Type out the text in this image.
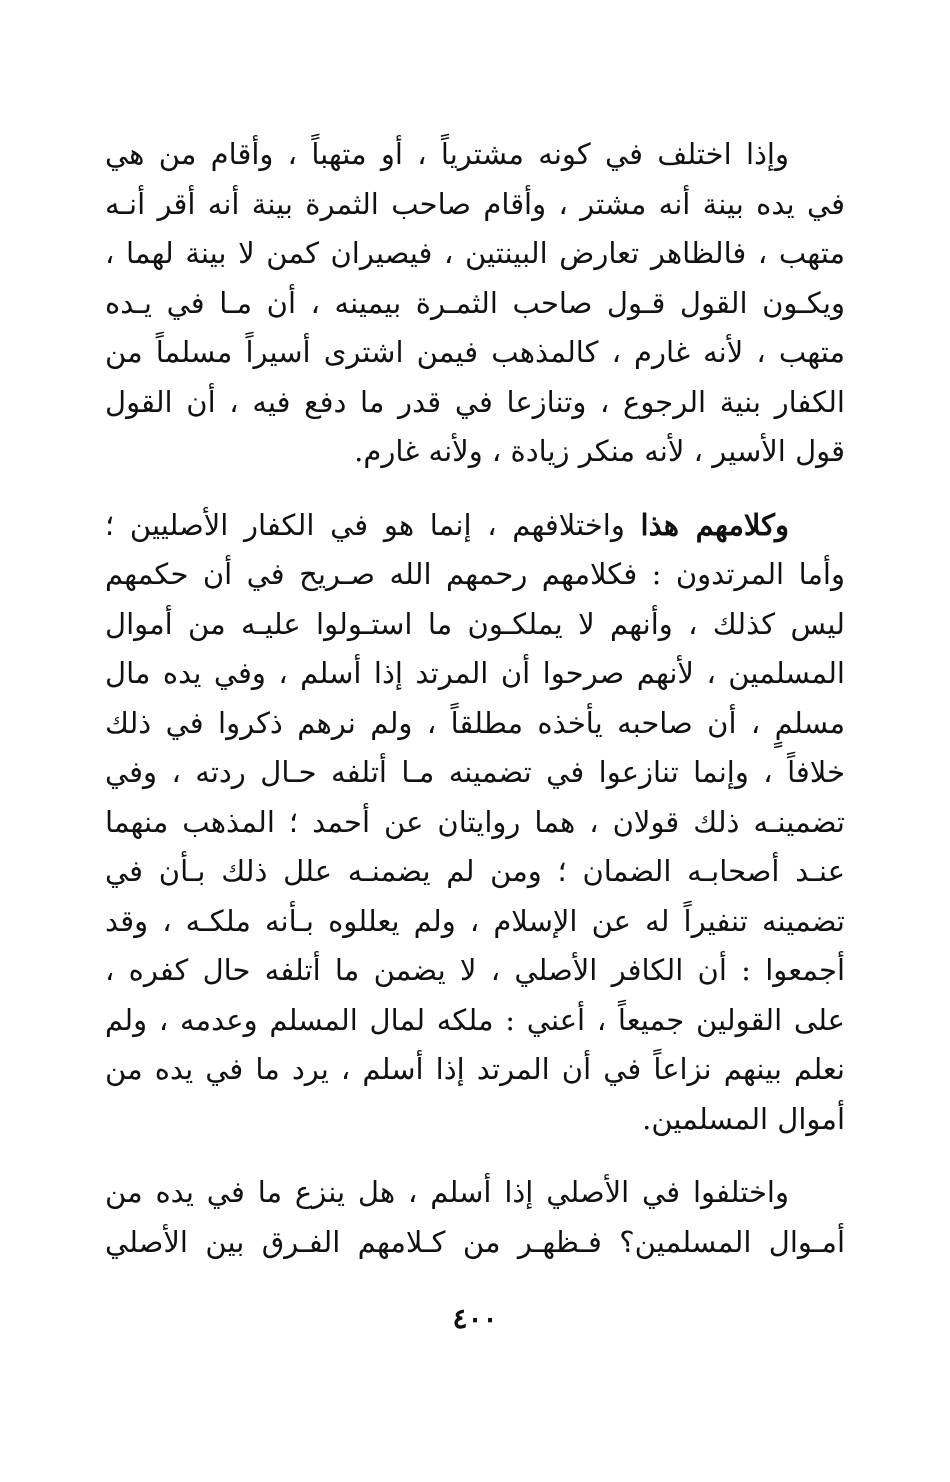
وإذا اختلف في كونه مشترياً ، أو متهباً ، وأقام من هي
في يده بينة أنه مشتر ، وأقام صاحب الثمرة بينة أنه أقر أنـه
متهب ، فالظاهر تعارض البينتين ، فيصيران كمن لا بينة لهما ،
ويكـون القول قـول صاحب الثمـرة بيمينه ، أن مـا في يـده
متهب ، لأنه غارم ، كالمذهب فيمن اشترى أسيراً مسلماً من
الكفار بنية الرجوع ، وتنازعا في قدر ما دفع فيه ، أن القول
قول الأسير ، لأنه منكر زيادة ، ولأنه غارم.

وكلامهم هذا واختلافهم ، إنما هو في الكفار الأصليين ؛
وأما المرتدون : فكلامهم رحمهم الله صـريح في أن حكمهم
ليس كذلك ، وأنهم لا يملكـون ما استـولوا عليـه من أموال
المسلمين ، لأنهم صرحوا أن المرتد إذا أسلم ، وفي يده مال
مسلمٍ ، أن صاحبه يأخذه مطلقاً ، ولم نرهم ذكروا في ذلك
خلافاً ، وإنما تنازعوا في تضمينه مـا أتلفه حـال ردته ، وفي
تضمينـه ذلك قولان ، هما روايتان عن أحمد ؛ المذهب منهما
عنـد أصحابـه الضمان ؛ ومن لم يضمنـه علل ذلك بـأن في
تضمينه تنفيراً له عن الإسلام ، ولم يعللوه بـأنه ملكـه ، وقد
أجمعوا : أن الكافر الأصلي ، لا يضمن ما أتلفه حال كفره ،
على القولين جميعاً ، أعني : ملكه لمال المسلم وعدمه ، ولم
نعلم بينهم نزاعاً في أن المرتد إذا أسلم ، يرد ما في يده من
أموال المسلمين.

واختلفوا في الأصلي إذا أسلم ، هل ينزع ما في يده من
أمـوال المسلمين؟ فـظهـر من كـلامهم الفـرق بين الأصلي

٤٠٠
